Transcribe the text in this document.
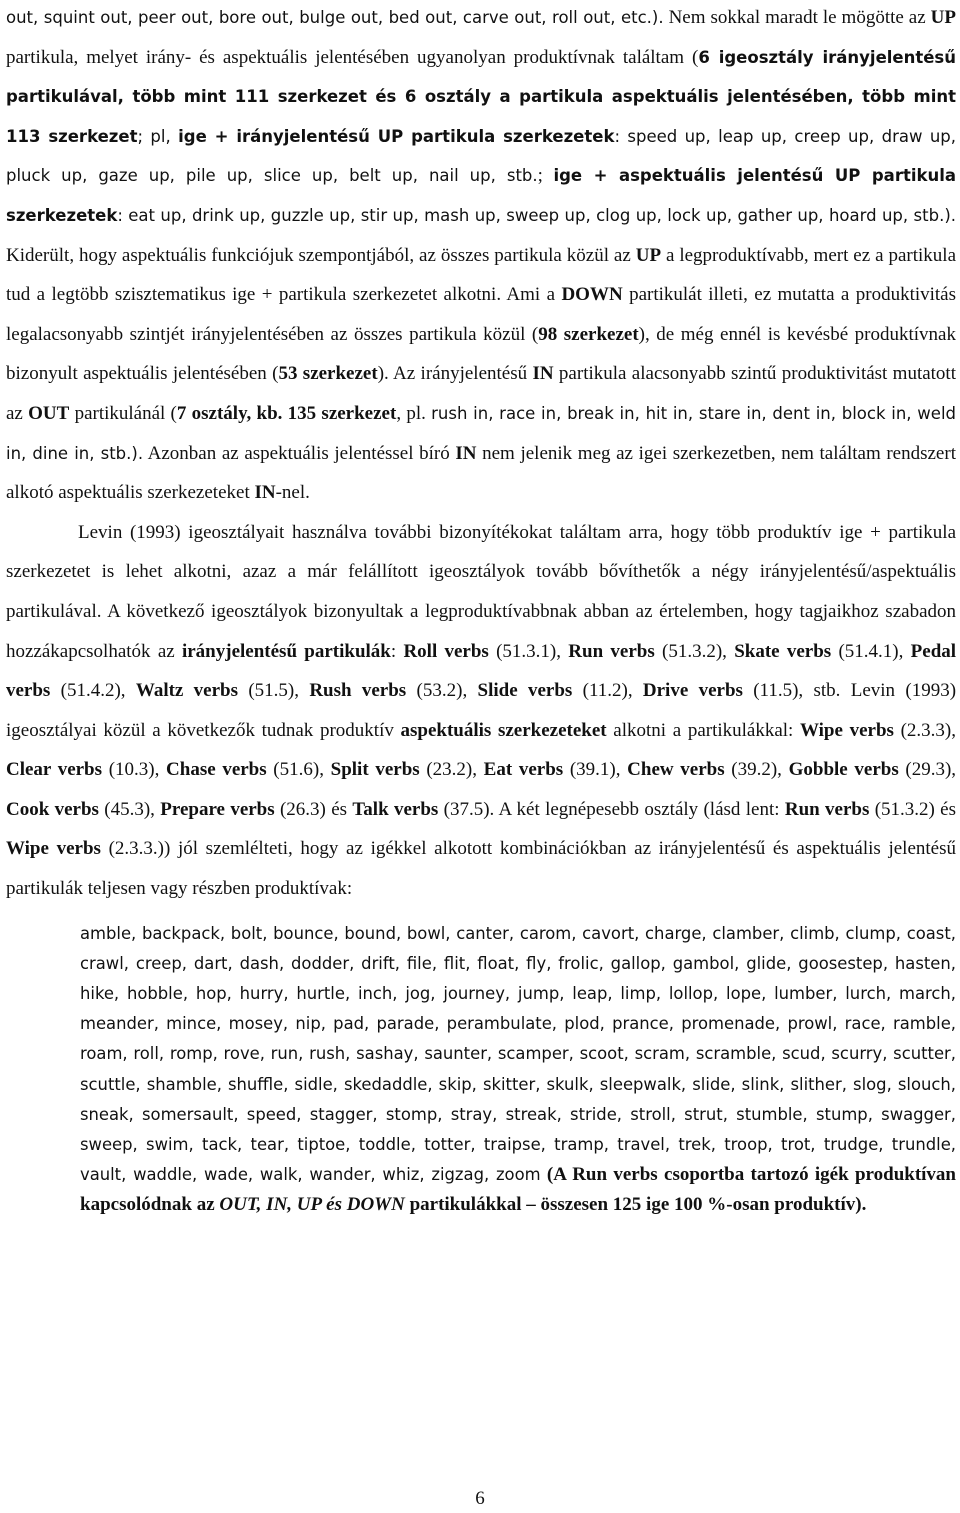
out, squint out, peer out, bore out, bulge out, bed out, carve out, roll out, etc.). Nem sokkal maradt le mögötte az UP partikula, melyet irány- és aspektuális jelentésében ugyanolyan produktívnak találtam (6 igeosztály irányjelentésű partikulával, több mint 111 szerkezet és 6 osztály a partikula aspektuális jelentésében, több mint 113 szerkezet; pl, ige + irányjelentésű UP partikula szerkezetek: speed up, leap up, creep up, draw up, pluck up, gaze up, pile up, slice up, belt up, nail up, stb.; ige + aspektuális jelentésű UP partikula szerkezetek: eat up, drink up, guzzle up, stir up, mash up, sweep up, clog up, lock up, gather up, hoard up, stb.). Kiderült, hogy aspektuális funkciójuk szempontjából, az összes partikula közül az UP a legproduktívabb, mert ez a partikula tud a legtöbb szisztematikus ige + partikula szerkezetet alkotni. Ami a DOWN partikulát illeti, ez mutatta a produktivitás legalacsonyabb szintjét irányjelentésében az összes partikula közül (98 szerkezet), de még ennél is kevésbé produktívnak bizonyult aspektuális jelentésében (53 szerkezet). Az irányjelentésű IN partikula alacsonyabb szintű produktivitást mutatott az OUT partikulánál (7 osztály, kb. 135 szerkezet, pl. rush in, race in, break in, hit in, stare in, dent in, block in, weld in, dine in, stb.). Azonban az aspektuális jelentéssel bíró IN nem jelenik meg az igei szerkezetben, nem találtam rendszert alkotó aspektuális szerkezeteket IN-nel.

Levin (1993) igeosztályait használva további bizonyítékokat találtam arra, hogy több produktív ige + partikula szerkezetet is lehet alkotni, azaz a már felállított igeosztályok tovább bővíthetők a négy irányjelentésű/aspektuális partikulával. A következő igeosztályok bizonyultak a legproduktívabbnak abban az értelemben, hogy tagjaikhoz szabadon hozzákapcsolhatók az irányjelentésű partikulák: Roll verbs (51.3.1), Run verbs (51.3.2), Skate verbs (51.4.1), Pedal verbs (51.4.2), Waltz verbs (51.5), Rush verbs (53.2), Slide verbs (11.2), Drive verbs (11.5), stb. Levin (1993) igeosztályai közül a következők tudnak produktív aspektuális szerkezeteket alkotni a partikulákkal: Wipe verbs (2.3.3), Clear verbs (10.3), Chase verbs (51.6), Split verbs (23.2), Eat verbs (39.1), Chew verbs (39.2), Gobble verbs (29.3), Cook verbs (45.3), Prepare verbs (26.3) és Talk verbs (37.5). A két legnépesebb osztály (lásd lent: Run verbs (51.3.2) és Wipe verbs (2.3.3.)) jól szemlélteti, hogy az igékkel alkotott kombinációkban az irányjelentésű és aspektuális jelentésű partikulák teljesen vagy részben produktívak:

amble, backpack, bolt, bounce, bound, bowl, canter, carom, cavort, charge, clamber, climb, clump, coast, crawl, creep, dart, dash, dodder, drift, file, flit, float, fly, frolic, gallop, gambol, glide, goosestep, hasten, hike, hobble, hop, hurry, hurtle, inch, jog, journey, jump, leap, limp, lollop, lope, lumber, lurch, march, meander, mince, mosey, nip, pad, parade, perambulate, plod, prance, promenade, prowl, race, ramble, roam, roll, romp, rove, run, rush, sashay, saunter, scamper, scoot, scram, scramble, scud, scurry, scutter, scuttle, shamble, shuffle, sidle, skedaddle, skip, skitter, skulk, sleepwalk, slide, slink, slither, slog, slouch, sneak, somersault, speed, stagger, stomp, stray, streak, stride, stroll, strut, stumble, stump, swagger, sweep, swim, tack, tear, tiptoe, toddle, totter, traipse, tramp, travel, trek, troop, trot, trudge, trundle, vault, waddle, wade, walk, wander, whiz, zigzag, zoom (A Run verbs csoportba tartozó igék produktívan kapcsolódnak az OUT, IN, UP és DOWN partikulákkal – összesen 125 ige 100 %-osan produktív).

6
